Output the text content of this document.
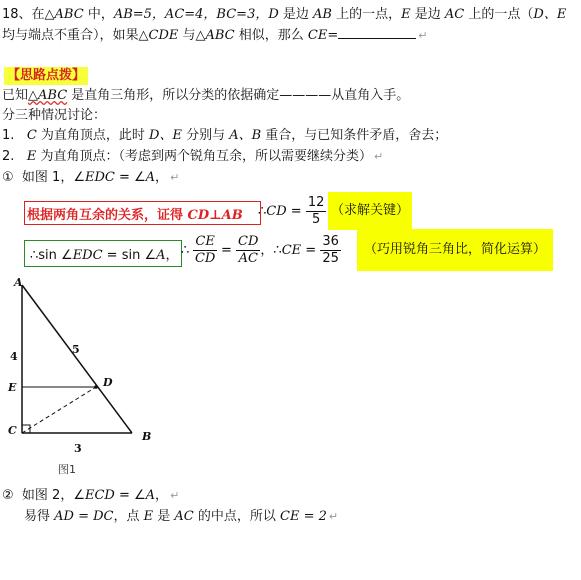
18、在△ABC 中，AB=5，AC=4，BC=3，D 是边 AB 上的一点，E 是边 AC 上的一点（D、E
均与端点不重合），如果△CDE 与△ABC 相似，那么 CE=	↵
【思路点拨】
已知△ABC 是直角三角形，所以分类的依据确定————从直角入手。
分三种情况讨论：
1. C 为直角顶点，此时 D、E 分别与 A、B 重合，与已知条件矛盾，舍去；
2. E 为直角顶点：（考虑到两个锐角互余，所以需要继续分类） ↵
① 如图 1，∠EDC = ∠A， ↵
根据两角互余的关系，证得 CD⊥AB ∴CD = $\frac{12}{5}$ （求解关键）
∴sin ∠EDC = sin ∠A， ∴ $\frac{CE}{CD} = \frac{CD}{AC}$ ，∴CE = $\frac{36}{25}$	（巧用锐角三角比，简化运算）
A
B
C
D
E
4
5
3
图1
② 如图 2，∠ECD = ∠A， ↵
易得 AD = DC，点 E 是 AC 的中点，所以 CE = 2 ↵
